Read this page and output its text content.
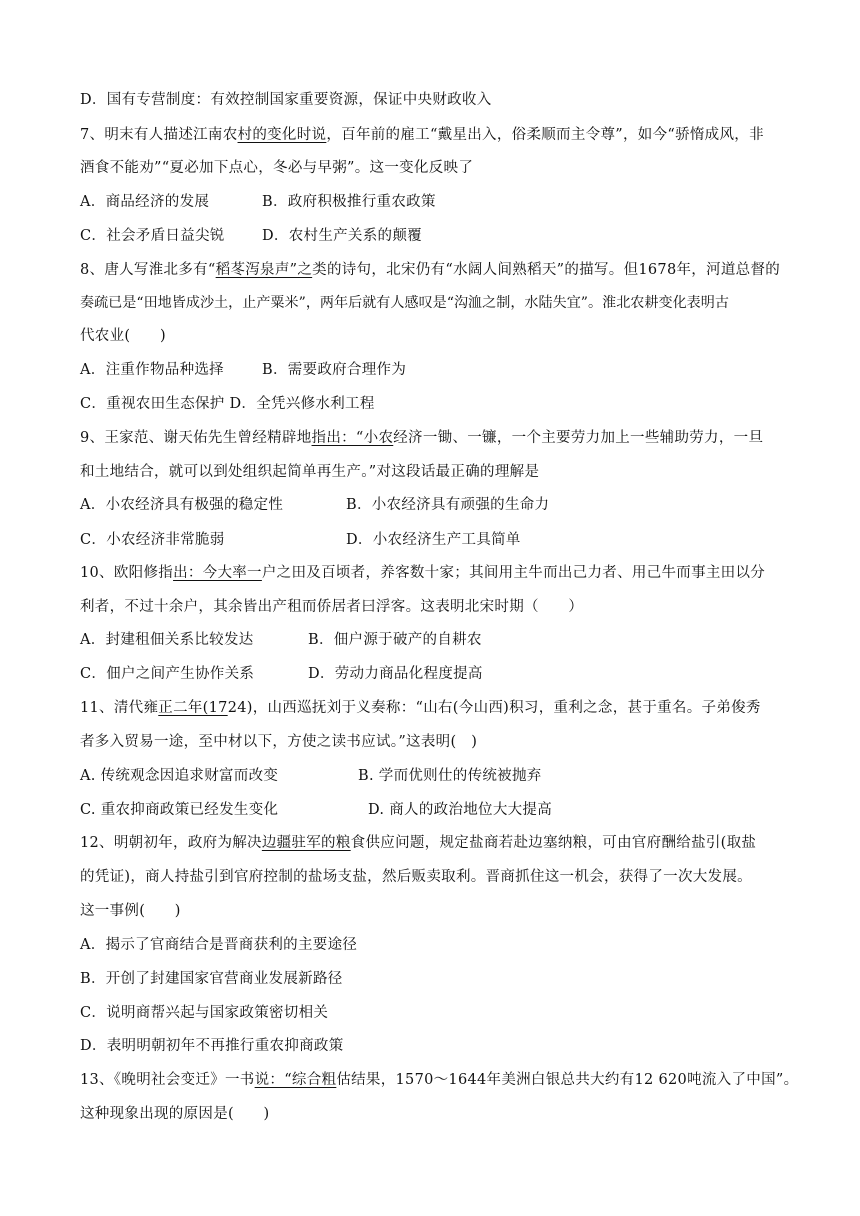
D．国有专营制度：有效控制国家重要资源，保证中央财政收入
7、明末有人描述江南农村的变化时说，百年前的雇工“戴星出入，俗柔顺而主令尊”，如今“骄惰成风，非
酒食不能劝”“夏必加下点心，冬必与早粥”。这一变化反映了
A．商品经济的发展	B．政府积极推行重农政策
C．社会矛盾日益尖锐	D．农村生产关系的颠覆
8、唐人写淮北多有“稻苳泻泉声”之类的诗句，北宋仍有“水阔人间熟稻天”的描写。但1678年，河道总督的
奏疏已是“田地皆成沙土，止产粟米”，两年后就有人感叹是“沟洫之制，水陆失宜”。淮北农耕变化表明古
代农业(　　)
A．注重作物品种选择	B．需要政府合理作为
C．重视农田生态保护 D．全凭兴修水利工程
9、王家范、谢天佑先生曾经精辟地指出：“小农经济一锄、一镰，一个主要劳力加上一些辅助劳力，一旦
和土地结合，就可以到处组织起简单再生产。”对这段话最正确的理解是
A．小农经济具有极强的稳定性	B．小农经济具有顽强的生命力
C．小农经济非常脆弱	D．小农经济生产工具简单
10、欧阳修指出：今大率一户之田及百顷者，养客数十家；其间用主牛而出己力者、用己牛而事主田以分
利者，不过十余户，其余皆出产租而侨居者曰浮客。这表明北宋时期（　　）
A．封建租佃关系比较发达	B．佃户源于破产的自耕农
C．佃户之间产生协作关系	D．劳动力商品化程度提高
11、清代雍正二年(1724)，山西巡抚刘于义奏称：“山右(今山西)积习，重利之念，甚于重名。子弟俊秀
者多入贸易一途，至中材以下，方使之读书应试。”这表明(　)
A. 传统观念因追求财富而改变	B. 学而优则仕的传统被抛弃
C. 重农抑商政策已经发生变化	D. 商人的政治地位大大提高
12、明朝初年，政府为解决边疆驻军的粮食供应问题，规定盐商若赴边塞纳粮，可由官府酬给盐引(取盐
的凭证)，商人持盐引到官府控制的盐场支盐，然后贩卖取利。晋商抓住这一机会，获得了一次大发展。
这一事例(　　)
A．揭示了官商结合是晋商获利的主要途径
B．开创了封建国家官营商业发展新路径
C．说明商帮兴起与国家政策密切相关
D．表明明朝初年不再推行重农抑商政策
13、《晚明社会变迁》一书说：“综合粗估结果，1570～1644年美洲白银总共大约有12 620吨流入了中国”。
这种现象出现的原因是(　　)
